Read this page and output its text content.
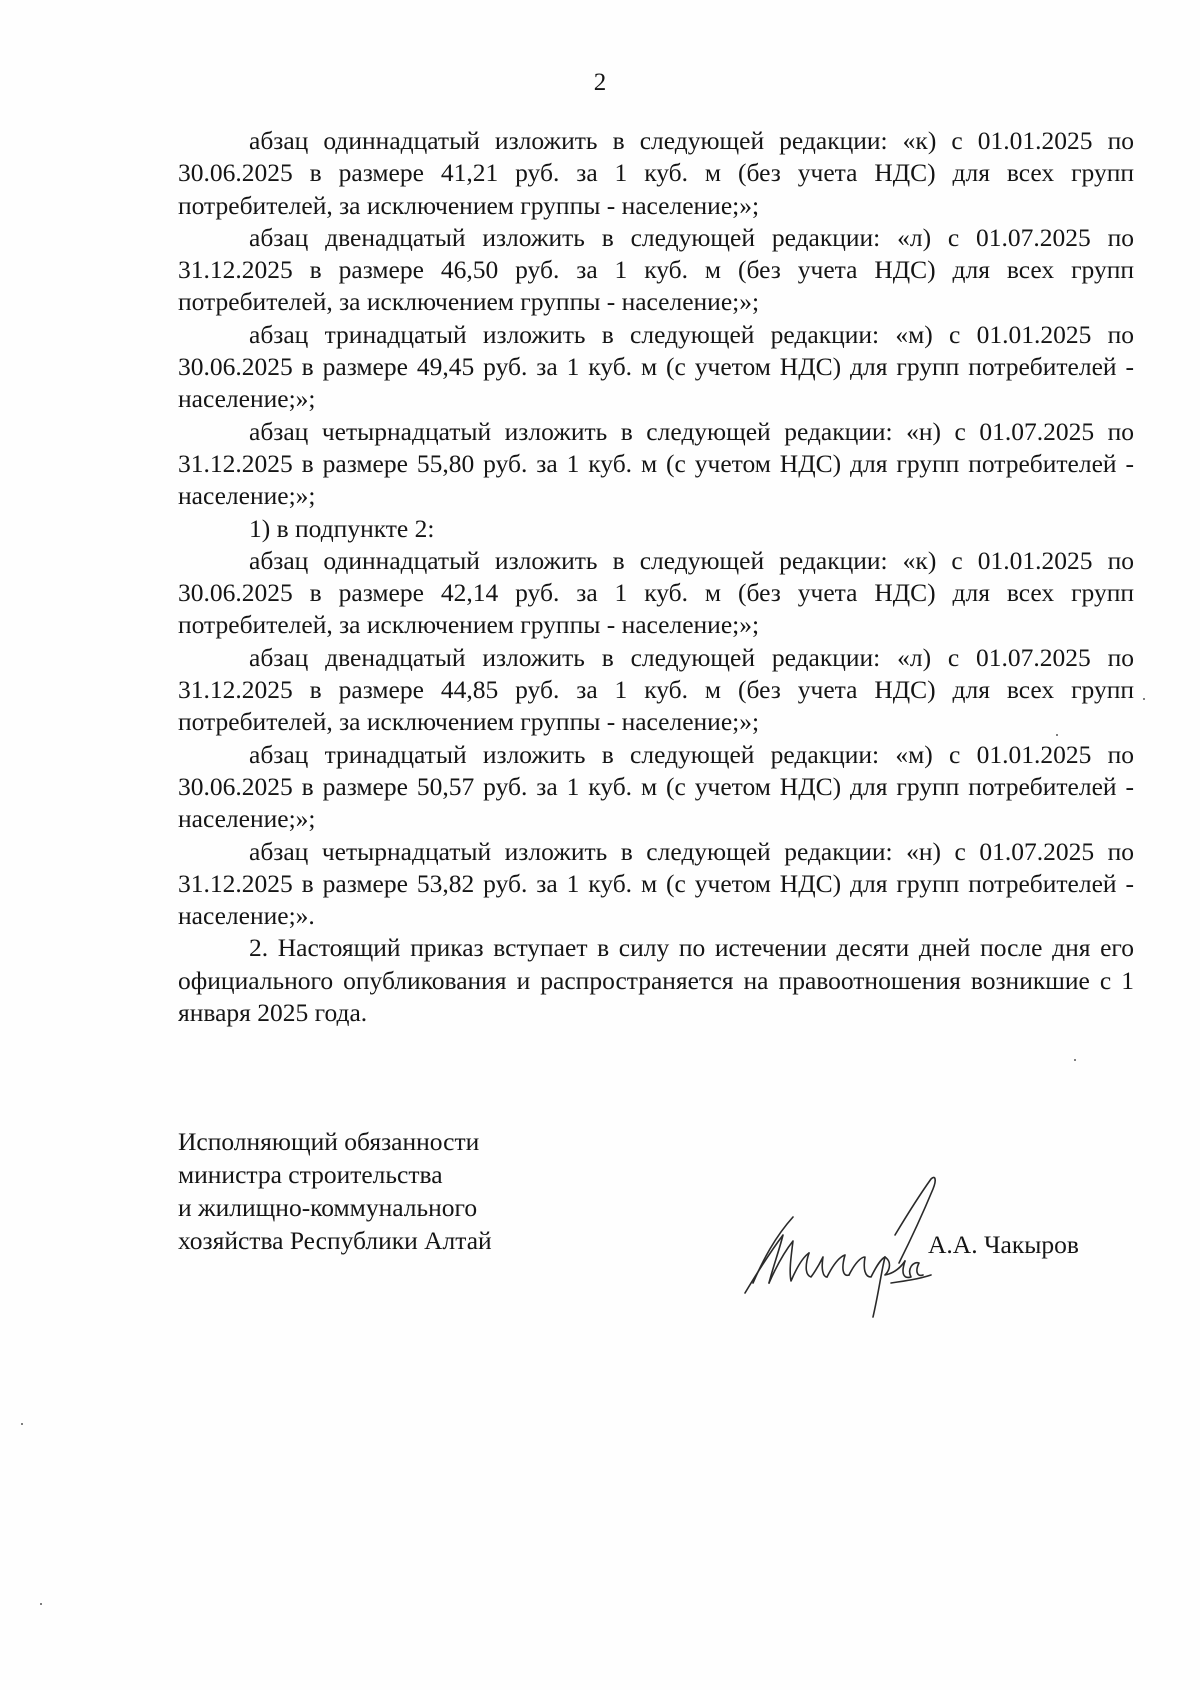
2

абзац одиннадцатый изложить в следующей редакции: «к) с 01.01.2025 по 30.06.2025 в размере 41,21 руб. за 1 куб. м (без учета НДС) для всех групп потребителей, за исключением группы - население;»;

абзац двенадцатый изложить в следующей редакции: «л) с 01.07.2025 по 31.12.2025 в размере 46,50 руб. за 1 куб. м (без учета НДС) для всех групп потребителей, за исключением группы - население;»;

абзац тринадцатый изложить в следующей редакции: «м) с 01.01.2025 по 30.06.2025 в размере 49,45 руб. за 1 куб. м (с учетом НДС) для групп потребителей - население;»;

абзац четырнадцатый изложить в следующей редакции: «н) с 01.07.2025 по 31.12.2025 в размере 55,80 руб. за 1 куб. м (с учетом НДС) для групп потребителей - население;»;

1) в подпункте 2:

абзац одиннадцатый изложить в следующей редакции: «к) с 01.01.2025 по 30.06.2025 в размере 42,14 руб. за 1 куб. м (без учета НДС) для всех групп потребителей, за исключением группы - население;»;

абзац двенадцатый изложить в следующей редакции: «л) с 01.07.2025 по 31.12.2025 в размере 44,85 руб. за 1 куб. м (без учета НДС) для всех групп потребителей, за исключением группы - население;»;

абзац тринадцатый изложить в следующей редакции: «м) с 01.01.2025 по 30.06.2025 в размере 50,57 руб. за 1 куб. м (с учетом НДС) для групп потребителей - население;»;

абзац четырнадцатый изложить в следующей редакции: «н) с 01.07.2025 по 31.12.2025 в размере 53,82 руб. за 1 куб. м (с учетом НДС) для групп потребителей - население;».

2. Настоящий приказ вступает в силу по истечении десяти дней после дня его официального опубликования и распространяется на правоотношения возникшие с 1 января 2025 года.

Исполняющий обязанности
министра строительства
и жилищно-коммунального
хозяйства Республики Алтай	А.А. Чакыров
